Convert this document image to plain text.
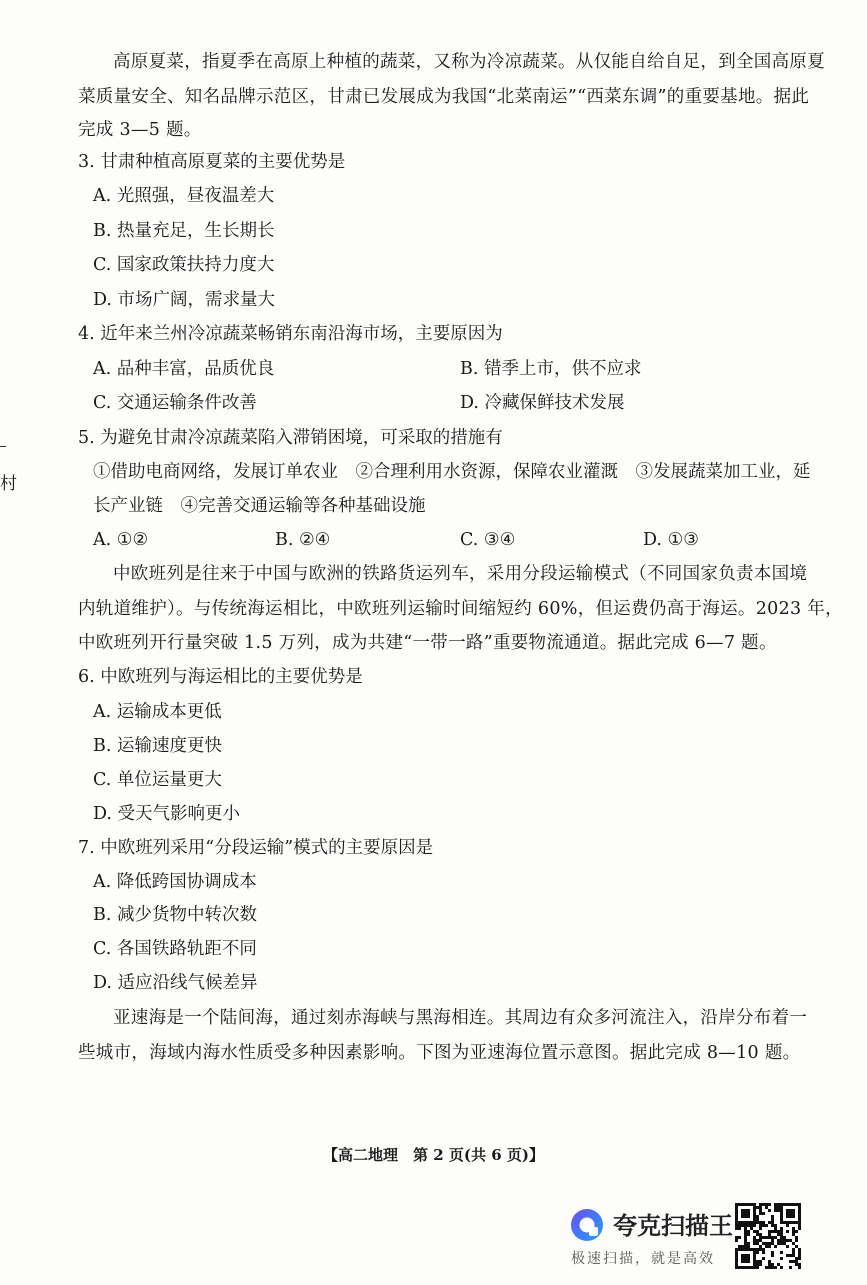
高原夏菜，指夏季在高原上种植的蔬菜，又称为冷凉蔬菜。从仅能自给自足，到全国高原夏
菜质量安全、知名品牌示范区，甘肃已发展成为我国“北菜南运”“西菜东调”的重要基地。据此
完成 3—5 题。
3. 甘肃种植高原夏菜的主要优势是
A. 光照强，昼夜温差大
B. 热量充足，生长期长
C. 国家政策扶持力度大
D. 市场广阔，需求量大
4. 近年来兰州冷凉蔬菜畅销东南沿海市场，主要原因为
A. 品种丰富，品质优良	B. 错季上市，供不应求
C. 交通运输条件改善	D. 冷藏保鲜技术发展
5. 为避免甘肃冷凉蔬菜陷入滞销困境，可采取的措施有
①借助电商网络，发展订单农业　②合理利用水资源，保障农业灌溉　③发展蔬菜加工业，延
长产业链　④完善交通运输等各种基础设施
A. ①②	B. ②④	C. ③④	D. ①③
中欧班列是往来于中国与欧洲的铁路货运列车，采用分段运输模式（不同国家负责本国境
内轨道维护）。与传统海运相比，中欧班列运输时间缩短约 60%，但运费仍高于海运。2023 年，
中欧班列开行量突破 1.5 万列，成为共建“一带一路”重要物流通道。据此完成 6—7 题。
6. 中欧班列与海运相比的主要优势是
A. 运输成本更低
B. 运输速度更快
C. 单位运量更大
D. 受天气影响更小
7. 中欧班列采用“分段运输”模式的主要原因是
A. 降低跨国协调成本
B. 减少货物中转次数
C. 各国铁路轨距不同
D. 适应沿线气候差异
亚速海是一个陆间海，通过刻赤海峡与黑海相连。其周边有众多河流注入，沿岸分布着一
些城市，海域内海水性质受多种因素影响。下图为亚速海位置示意图。据此完成 8—10 题。
村
【高二地理　第 2 页(共 6 页)】
夸克扫描王
极速扫描，就是高效
